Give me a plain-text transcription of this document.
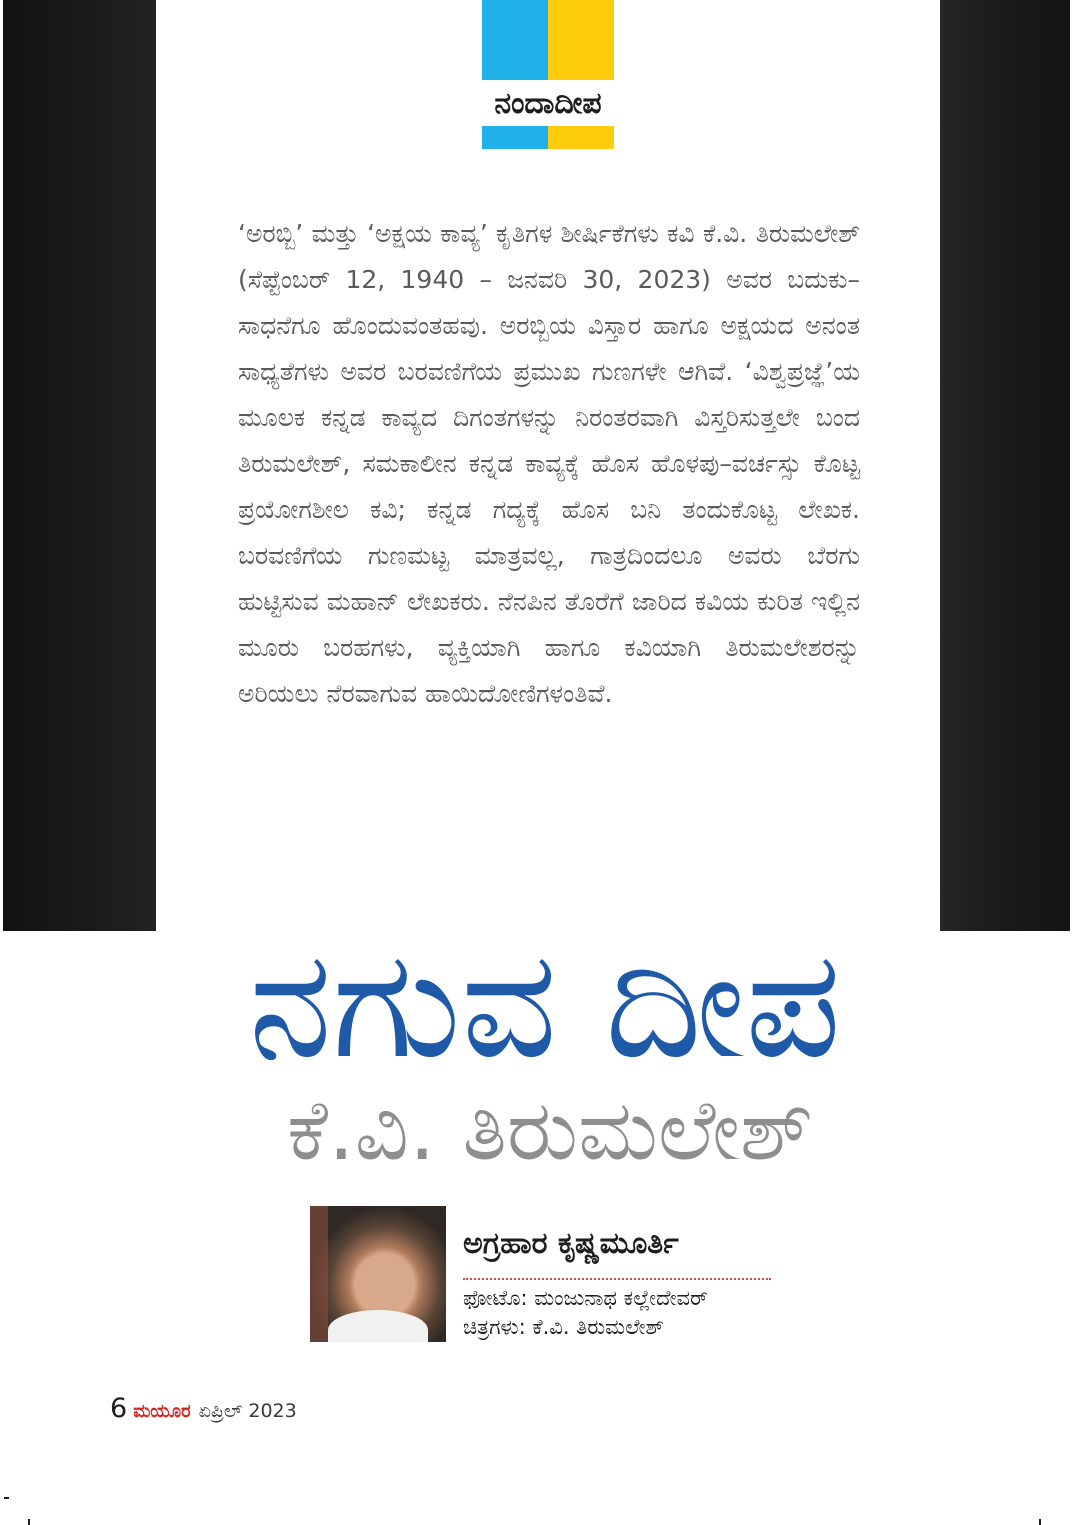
ನಂದಾದೀಪ
‘ಅರಬ್ಬಿ’ ಮತ್ತು ‘ಅಕ್ಷಯ ಕಾವ್ಯ’ ಕೃತಿಗಳ ಶೀರ್ಷಿಕೆಗಳು ಕವಿ ಕೆ.ವಿ. ತಿರುಮಲೇಶ್ (ಸೆಪ್ಟೆಂಬರ್ 12, 1940 – ಜನವರಿ 30, 2023) ಅವರ ಬದುಕು–ಸಾಧನೆಗೂ ಹೊಂದುವಂತಹವು. ಅರಬ್ಬಿಯ ವಿಸ್ತಾರ ಹಾಗೂ ಅಕ್ಷಯದ ಅನಂತ ಸಾಧ್ಯತೆಗಳು ಅವರ ಬರವಣಿಗೆಯ ಪ್ರಮುಖ ಗುಣಗಳೇ ಆಗಿವೆ. ‘ವಿಶ್ವಪ್ರಜ್ಞೆ’ಯ ಮೂಲಕ ಕನ್ನಡ ಕಾವ್ಯದ ದಿಗಂತಗಳನ್ನು ನಿರಂತರವಾಗಿ ವಿಸ್ತರಿಸುತ್ತಲೇ ಬಂದ ತಿರುಮಲೇಶ್, ಸಮಕಾಲೀನ ಕನ್ನಡ ಕಾವ್ಯಕ್ಕೆ ಹೊಸ ಹೊಳಪು–ವರ್ಚಸ್ಸು ಕೊಟ್ಟ ಪ್ರಯೋಗಶೀಲ ಕವಿ; ಕನ್ನಡ ಗದ್ಯಕ್ಕೆ ಹೊಸ ಬನಿ ತಂದುಕೊಟ್ಟ ಲೇಖಕ. ಬರವಣಿಗೆಯ ಗುಣಮಟ್ಟ ಮಾತ್ರವಲ್ಲ, ಗಾತ್ರದಿಂದಲೂ ಅವರು ಬೆರಗು ಹುಟ್ಟಿಸುವ ಮಹಾನ್ ಲೇಖಕರು. ನೆನಪಿನ ತೊರೆಗೆ ಜಾರಿದ ಕವಿಯ ಕುರಿತ ಇಲ್ಲಿನ ಮೂರು ಬರಹಗಳು, ವ್ಯಕ್ತಿಯಾಗಿ ಹಾಗೂ ಕವಿಯಾಗಿ ತಿರುಮಲೇಶರನ್ನು ಅರಿಯಲು ನೆರವಾಗುವ ಹಾಯಿದೋಣಿಗಳಂತಿವೆ.
ನಗುವ ದೀಪ
ಕೆ.ವಿ. ತಿರುಮಲೇಶ್
ಅಗ್ರಹಾರ ಕೃಷ್ಣಮೂರ್ತಿ
ಫೋಟೊ: ಮಂಜುನಾಥ ಕಲ್ಲೇದೇವರ್
ಚಿತ್ರಗಳು: ಕೆ.ವಿ. ತಿರುಮಲೇಶ್
6 ಮಯೂರ ಏಪ್ರಿಲ್ 2023
